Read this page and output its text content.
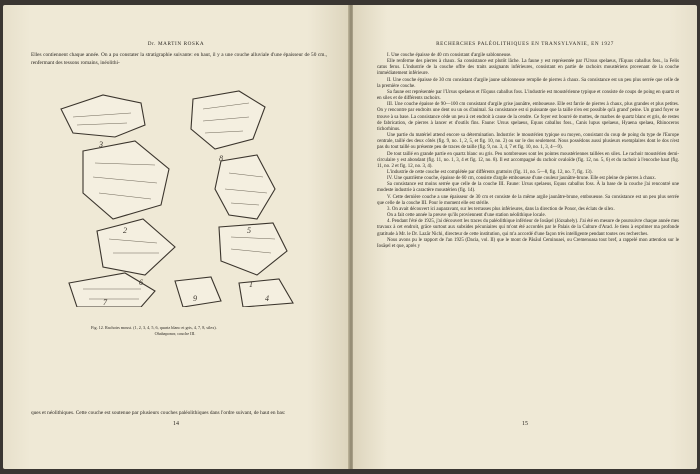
Dr. MARTIN ROSKA
Elles contiennent chaque année. On a pu constater la stratigraphie suivante: en haut, il y a une couche alluviale d'une épaisseur de 50 cm., renfermant des tessons romains, inéolithi-
3
8
2	5
6	1
7	9	4
Fig. 12. Rachoirs moust. (1, 2, 3, 4, 5, 6, quartz blanc et gris, 4, 7, 8, silex).
Ohabaponor, couche III.
ques et néolithiques. Cette couche est soutenue par plusieurs couches paléolithiques dans l'ordre suivant, de haut en bas:
14
RECHERCHES PALÉOLITHIQUES EN TRANSYLVANIE, EN 1927

I. Une couche épaisse de 40 cm consistant d'argile sablonneuse.

Elle renferme des pierres à chaux. Sa consistance est plutôt lâche. La faune y est représentée par l'Ursus spelaeus, l'Equus caballus foss., la Felis catus ferus. L'industrie de la couche offre des traits assignants inférieures, consistant en partie de rachoirs moustériens provenant de la couche immédiatement inférieure.

II. Une couche épaisse de 30 cm consistant d'argile jaune sablonneuse remplie de pierres à chaux. Sa consistance est un peu plus serrée que celle de la première couche.

Sa faune est représentée par l'Ursus spelaeus et l'Equus caballus foss. L'industrie est moustérienne typique et consiste de coups de poing en quartz et en silex et de différents rachoirs.

III. Une couche épaisse de 90—100 cm consistant d'argile grise jaunâtre, emboueuse. Elle est farcie de pierres à chaux, plus grandes et plus petites. On y rencontre par endroits une dent ou un os d'animal. Sa consistance est si puissante que la taille n'en est possible qu'à grand' peine. Un grand foyer se trouve à sa base. La consistance cède un peu à cet endroit à cause de la cendre. Ce foyer est bourré de mottes, de marbes de quartz blanc et gris, de restes de fabrication, de pierres à lancer et d'outils fins. Faune: Ursus spelaeus, Equus caballus foss., Canis lupus spelaeus, Hyaena spelaea, Rhinoceros tichorhinus.

Une partie du matériel attend encore sa détermination. Industrie: le moustérien typique ou moyen, consistant du coup de poing du type de l'Europe centrale, taillé des deux côtés (fig. 9, no. 1, 2, 5, et fig. 10, no. 2) ou sur le dos seulement. Nous possédons aussi plusieurs exemplaires dont le dos n'est pas du tout taillé ou présente peu de traces de taille (fig. 9, no. 3, 4, 7 et fig. 10, no. 1, 3, 4—9).

De tout taillé en grande partie en quartz blanc ou gris. Peu nombreuses sont les pointes moustériennes taillées en silex. Le rachoir moustérien demi-circulaire y est abondant (fig. 11, no. 1, 3, 4 et fig. 12, no. 8). Il est accompagné du rachoir ovaloïde (fig. 12, no. 5, 6) et du rachoir à l'encoche haut (fig. 11, no. 2 et fig. 12, no. 3, 4).

L'industrie de cette couche est complétée par différents grattoirs (fig. 11, no. 5—8, fig. 12, no. 7, fig. 13).

IV. Une quatrième couche, épaisse de 60 cm, consiste d'argile emboueuse d'une couleur jaunâtre-brune. Elle est pleine de pierres à chaux.

Sa consistance est moins serrée que celle de la couche III. Faune: Ursus spelaeus, Equus caballus foss. À la base de la couche j'ai rencontré une modeste industrie à caractère moustérien (fig. 14).

V. Cette dernière couche a une épaisseur de 30 cm et consiste de la même argile jaunâtre-brune, emboueuse. Sa consistance est un peu plus serrée que celle de la couche III. Pour le moment elle est stérile.

3. On avait découvert ici auparavant, sur les terrasses plus inférieures, dans la direction de Ponor, des éclats de silex.

On a fait cette année la preuve qu'ils proviennent d'une station néolithique locale.

4. Pendant l'été de 1925, j'ai découvert les traces du paléolithique inférieur de Iosășel (Józsahely). J'ai été en mesure de poursuivre chaque année mes travaux à cet endroit, grâce surtout aux subsides pécuniaires qui m'ont été accordés par le Palais de la Culture d'Arad. Je tiens à exprimer ma profonde gratitude à Mr. le Dr. Lazăr Nichi, directeur de cette institution, qui m'a accordé d'une façon très intelligente pendant toutes ces recherches.

Nous avons pu le rapport de l'an 1925 (Dacia, vol. II) que le mont de Păsăul Ceminoaei, ou Cremenoasa tout bref, a rappelé mon attention sur le Iosășel et que, après y

15
